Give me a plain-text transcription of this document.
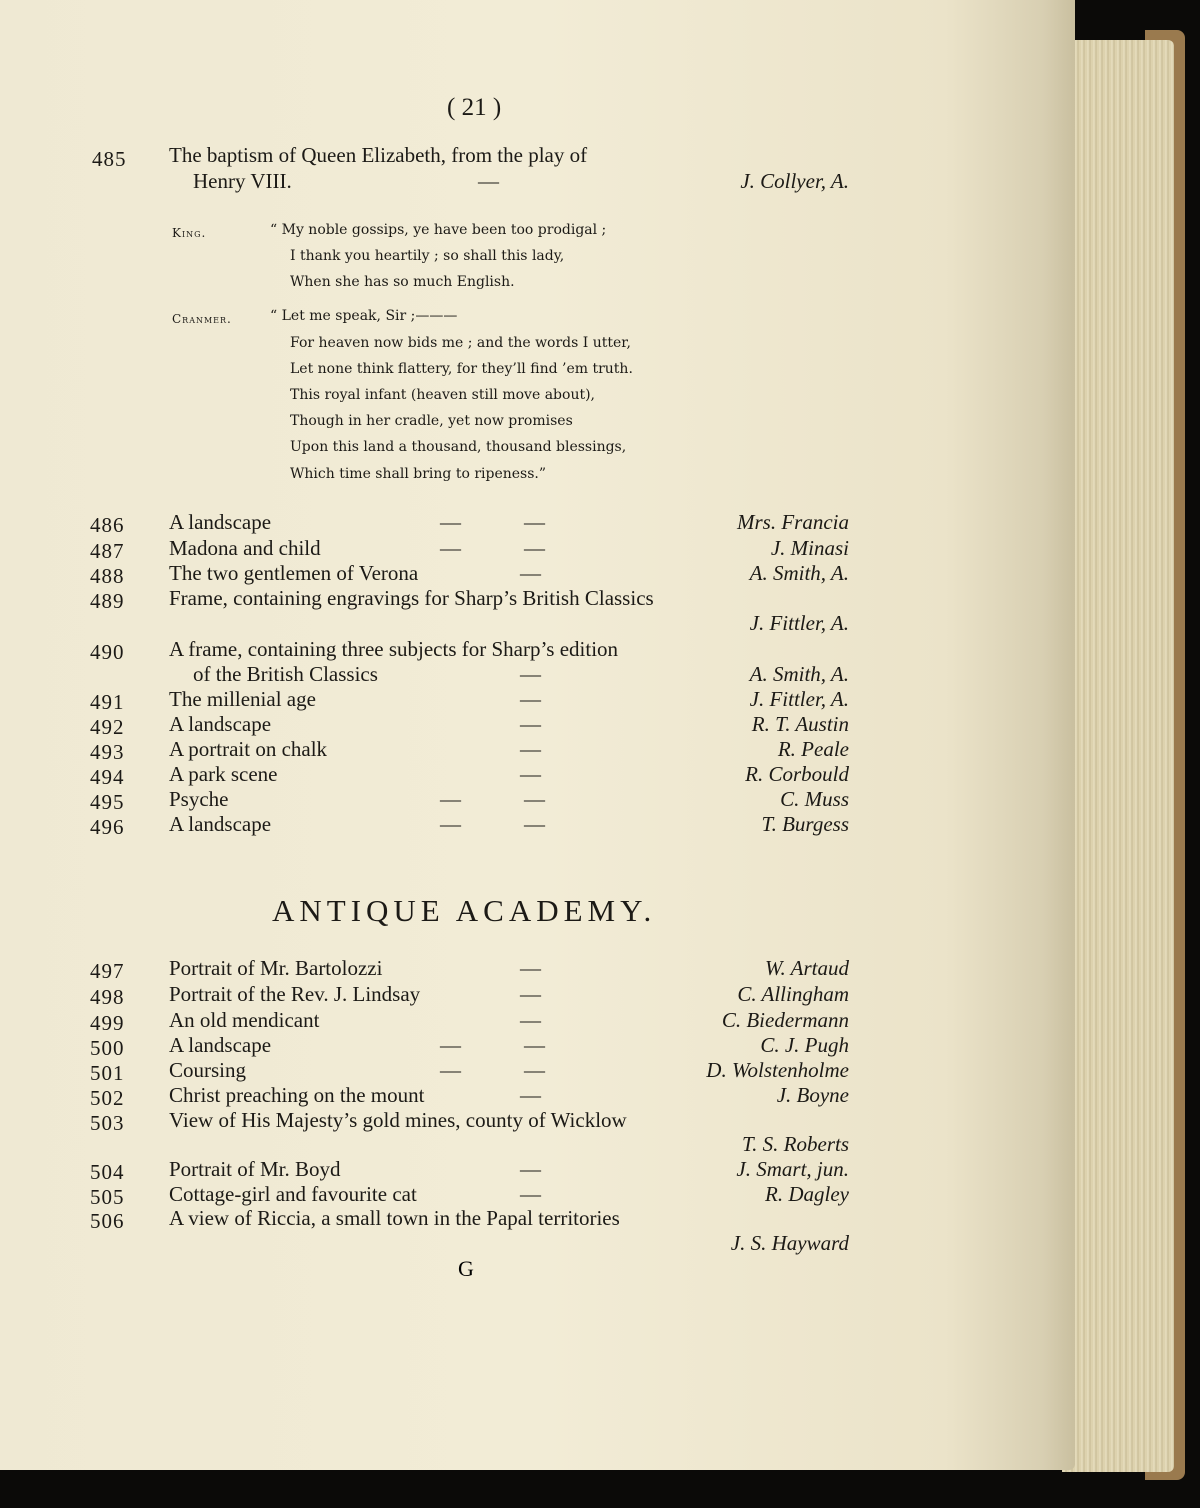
( 21 )
485 The baptism of Queen Elizabeth, from the play of
Henry VIII.	—	J. Collyer, A.
King.
Cranmer.
ANTIQUE ACADEMY.
G
“ My noble gossips, ye have been too prodigal ;
I thank you heartily ; so shall this lady,
When she has so much English.
“ Let me speak, Sir ;———
For heaven now bids me ; and the words I utter,
Let none think flattery, for they’ll find ’em truth.
This royal infant (heaven still move about),
Though in her cradle, yet now promises
Upon this land a thousand, thousand blessings,
Which time shall bring to ripeness.”
486 A landscape	—            —	Mrs. Francia
487 Madona and child	—            —	J. Minasi
488 The two gentlemen of Verona	—	A. Smith, A.
489 Frame, containing engravings for Sharp’s British Classics
J. Fittler, A.
490 A frame, containing three subjects for Sharp’s edition
of the British Classics	—	A. Smith, A.
491 The millenial age	—	J. Fittler, A.
492 A landscape	—	R. T. Austin
493 A portrait on chalk	—	R. Peale
494 A park scene	—	R. Corbould
495 Psyche	—            —	C. Muss
496 A landscape	—            —	T. Burgess
497 Portrait of Mr. Bartolozzi	—	W. Artaud
498 Portrait of the Rev. J. Lindsay	—	C. Allingham
499 An old mendicant	—	C. Biedermann
500 A landscape	—            —	C. J. Pugh
501 Coursing	—            —	D. Wolstenholme
502 Christ preaching on the mount	—	J. Boyne
503 View of His Majesty’s gold mines, county of Wicklow
T. S. Roberts
504 Portrait of Mr. Boyd	—	J. Smart, jun.
505 Cottage-girl and favourite cat	—	R. Dagley
506 A view of Riccia, a small town in the Papal territories
J. S. Hayward
